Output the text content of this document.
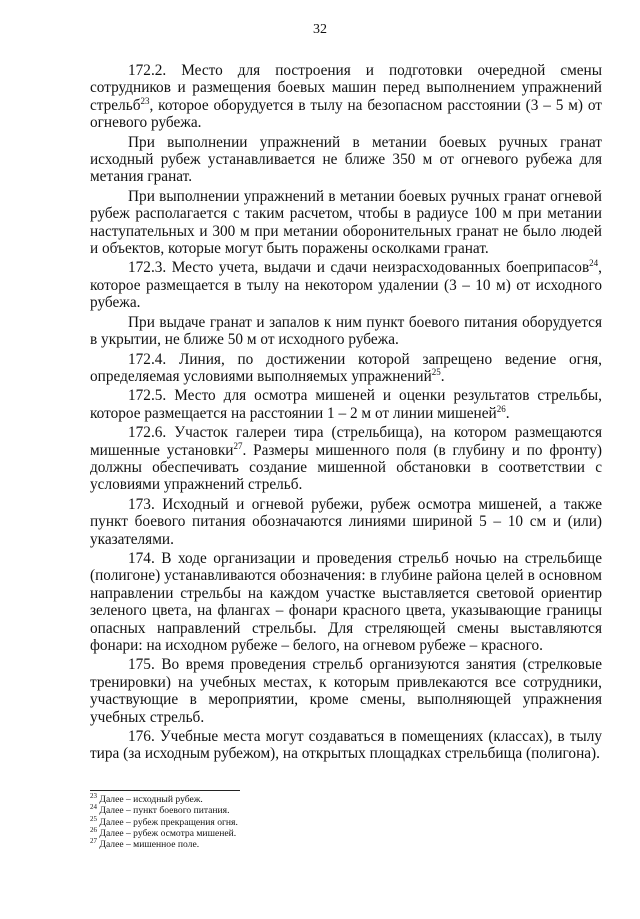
32

172.2. Место для построения и подготовки очередной смены сотрудников и размещения боевых машин перед выполнением упражнений стрельб$^{23}$, которое оборудуется в тылу на безопасном расстоянии (3 – 5 м) от огневого рубежа.

При выполнении упражнений в метании боевых ручных гранат исходный рубеж устанавливается не ближе 350 м от огневого рубежа для метания гранат.

При выполнении упражнений в метании боевых ручных гранат огневой рубеж располагается с таким расчетом, чтобы в радиусе 100 м при метании наступательных и 300 м при метании оборонительных гранат не было людей и объектов, которые могут быть поражены осколками гранат.

172.3. Место учета, выдачи и сдачи неизрасходованных боеприпасов$^{24}$, которое размещается в тылу на некотором удалении (3 – 10 м) от исходного рубежа.

При выдаче гранат и запалов к ним пункт боевого питания оборудуется в укрытии, не ближе 50 м от исходного рубежа.

172.4. Линия, по достижении которой запрещено ведение огня, определяемая условиями выполняемых упражнений$^{25}$.

172.5. Место для осмотра мишеней и оценки результатов стрельбы, которое размещается на расстоянии 1 – 2 м от линии мишеней$^{26}$.

172.6. Участок галереи тира (стрельбища), на котором размещаются мишенные установки$^{27}$. Размеры мишенного поля (в глубину и по фронту) должны обеспечивать создание мишенной обстановки в соответствии с условиями упражнений стрельб.

173. Исходный и огневой рубежи, рубеж осмотра мишеней, а также пункт боевого питания обозначаются линиями шириной 5 – 10 см и (или) указателями.

174. В ходе организации и проведения стрельб ночью на стрельбище (полигоне) устанавливаются обозначения: в глубине района целей в основном направлении стрельбы на каждом участке выставляется световой ориентир зеленого цвета, на флангах – фонари красного цвета, указывающие границы опасных направлений стрельбы. Для стреляющей смены выставляются фонари: на исходном рубеже – белого, на огневом рубеже – красного.

175. Во время проведения стрельб организуются занятия (стрелковые тренировки) на учебных местах, к которым привлекаются все сотрудники, участвующие в мероприятии, кроме смены, выполняющей упражнения учебных стрельб.

176. Учебные места могут создаваться в помещениях (классах), в тылу тира (за исходным рубежом), на открытых площадках стрельбища (полигона).

$^{23}$ Далее – исходный рубеж.
$^{24}$ Далее – пункт боевого питания.
$^{25}$ Далее – рубеж прекращения огня.
$^{26}$ Далее – рубеж осмотра мишеней.
$^{27}$ Далее – мишенное поле.
